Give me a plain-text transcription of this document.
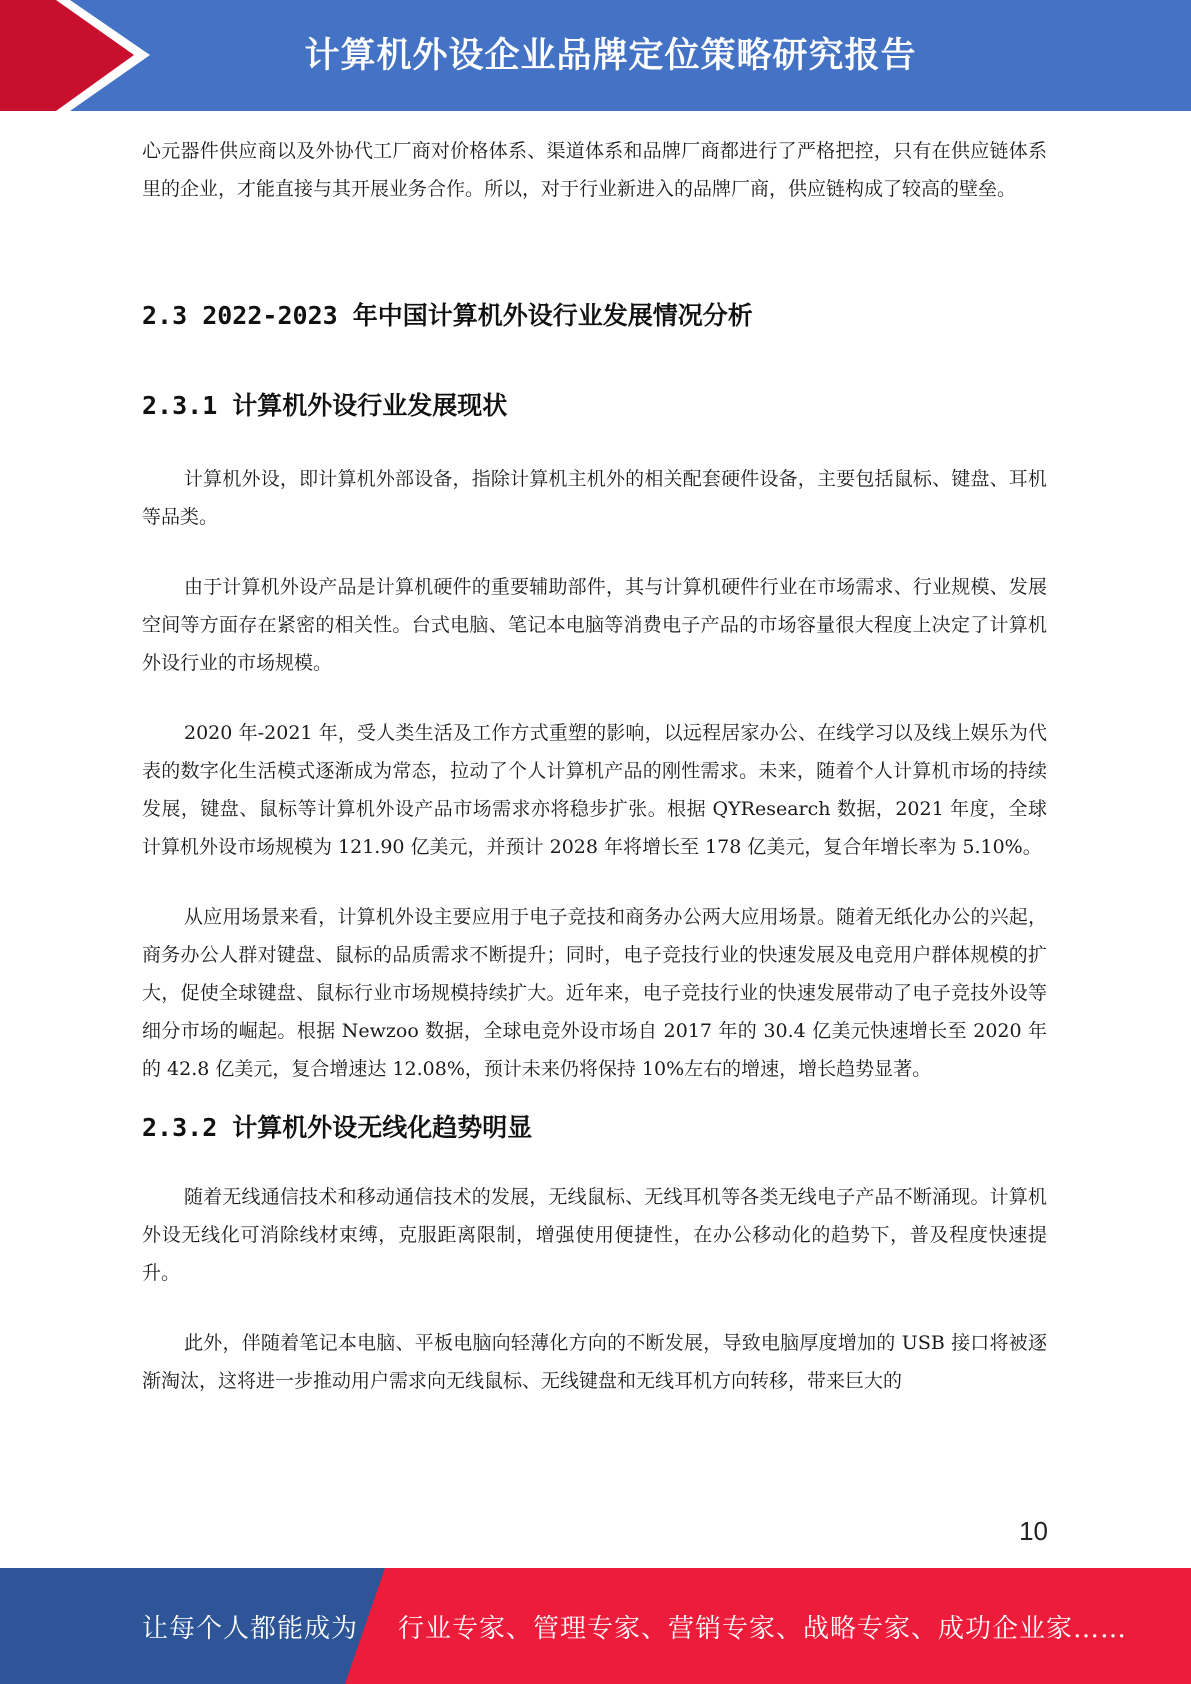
计算机外设企业品牌定位策略研究报告

心元器件供应商以及外协代工厂商对价格体系、渠道体系和品牌厂商都进行了严格把控，只有在供应链体系里的企业，才能直接与其开展业务合作。所以，对于行业新进入的品牌厂商，供应链构成了较高的壁垒。

2.3 2022-2023 年中国计算机外设行业发展情况分析
2.3.1 计算机外设行业发展现状

计算机外设，即计算机外部设备，指除计算机主机外的相关配套硬件设备，主要包括鼠标、键盘、耳机等品类。

由于计算机外设产品是计算机硬件的重要辅助部件，其与计算机硬件行业在市场需求、行业规模、发展空间等方面存在紧密的相关性。台式电脑、笔记本电脑等消费电子产品的市场容量很大程度上决定了计算机外设行业的市场规模。

2020 年-2021 年，受人类生活及工作方式重塑的影响，以远程居家办公、在线学习以及线上娱乐为代表的数字化生活模式逐渐成为常态，拉动了个人计算机产品的刚性需求。未来，随着个人计算机市场的持续发展，键盘、鼠标等计算机外设产品市场需求亦将稳步扩张。根据 QYResearch 数据，2021 年度，全球计算机外设市场规模为 121.90 亿美元，并预计 2028 年将增长至 178 亿美元，复合年增长率为 5.10%。

从应用场景来看，计算机外设主要应用于电子竞技和商务办公两大应用场景。随着无纸化办公的兴起，商务办公人群对键盘、鼠标的品质需求不断提升；同时，电子竞技行业的快速发展及电竞用户群体规模的扩大，促使全球键盘、鼠标行业市场规模持续扩大。近年来，电子竞技行业的快速发展带动了电子竞技外设等细分市场的崛起。根据 Newzoo 数据，全球电竞外设市场自 2017 年的 30.4 亿美元快速增长至 2020 年的 42.8 亿美元，复合增速达 12.08%，预计未来仍将保持 10%左右的增速，增长趋势显著。

2.3.2 计算机外设无线化趋势明显

随着无线通信技术和移动通信技术的发展，无线鼠标、无线耳机等各类无线电子产品不断涌现。计算机外设无线化可消除线材束缚，克服距离限制，增强使用便捷性，在办公移动化的趋势下，普及程度快速提升。

此外，伴随着笔记本电脑、平板电脑向轻薄化方向的不断发展，导致电脑厚度增加的 USB 接口将被逐渐淘汰，这将进一步推动用户需求向无线鼠标、无线键盘和无线耳机方向转移，带来巨大的

10
让每个人都能成为 行业专家、管理专家、营销专家、战略专家、成功企业家……
